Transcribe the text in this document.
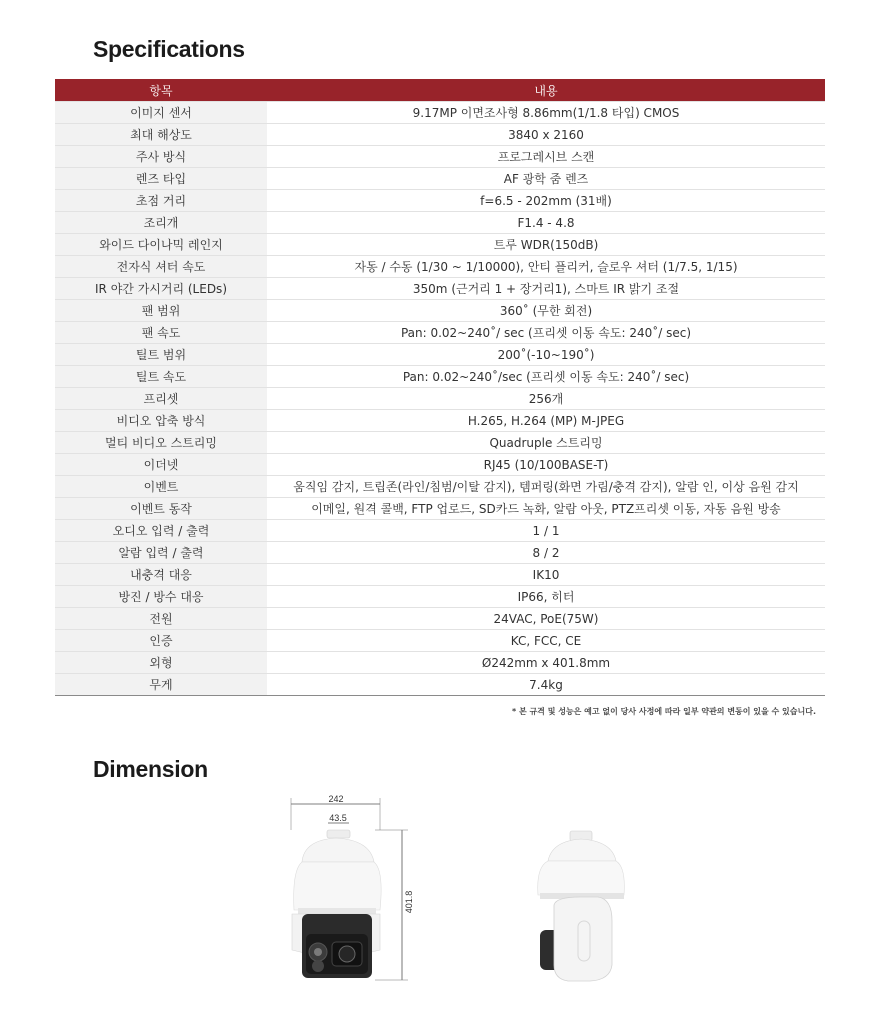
Specifications
항목	내용
이미지 센서	9.17MP 이면조사형 8.86mm(1/1.8 타입) CMOS
최대 해상도	3840 x 2160
주사 방식	프로그레시브 스캔
렌즈 타입	AF 광학 줌 렌즈
초점 거리	f=6.5 - 202mm (31배)
조리개	F1.4 - 4.8
와이드 다이나믹 레인지	트루 WDR(150dB)
전자식 셔터 속도	자동 / 수동 (1/30 ~ 1/10000), 안티 플리커, 슬로우 셔터 (1/7.5, 1/15)
IR 야간 가시거리 (LEDs)	350m (근거리 1 + 장거리1), 스마트 IR 밝기 조절
팬 범위	360˚ (무한 회전)
팬 속도	Pan: 0.02~240˚/ sec (프리셋 이동 속도: 240˚/ sec)
틸트 범위	200˚(-10~190˚)
틸트 속도	Pan: 0.02~240˚/sec (프리셋 이동 속도: 240˚/ sec)
프리셋	256개
비디오 압축 방식	H.265, H.264 (MP) M-JPEG
멀티 비디오 스트리밍	Quadruple 스트리밍
이더넷	RJ45 (10/100BASE-T)
이벤트	움직임 감지, 트립존(라인/침범/이탈 감지), 템퍼링(화면 가림/충격 감지), 알람 인, 이상 음원 감지
이벤트 동작	이메일, 원격 콜백, FTP 업로드, SD카드 녹화, 알람 아웃, PTZ프리셋 이동, 자동 음원 방송
오디오 입력 / 출력	1 / 1
알람 입력 / 출력	8 / 2
내충격 대응	IK10
방진 / 방수 대응	IP66, 히터
전원	24VAC, PoE(75W)
인증	KC, FCC, CE
외형	Ø242mm x 401.8mm
무게	7.4kg
* 본 규격 및 성능은 예고 없이 당사 사정에 따라 일부 약관의 변동이 있을 수 있습니다.
Dimension
242
43.5
401.8
